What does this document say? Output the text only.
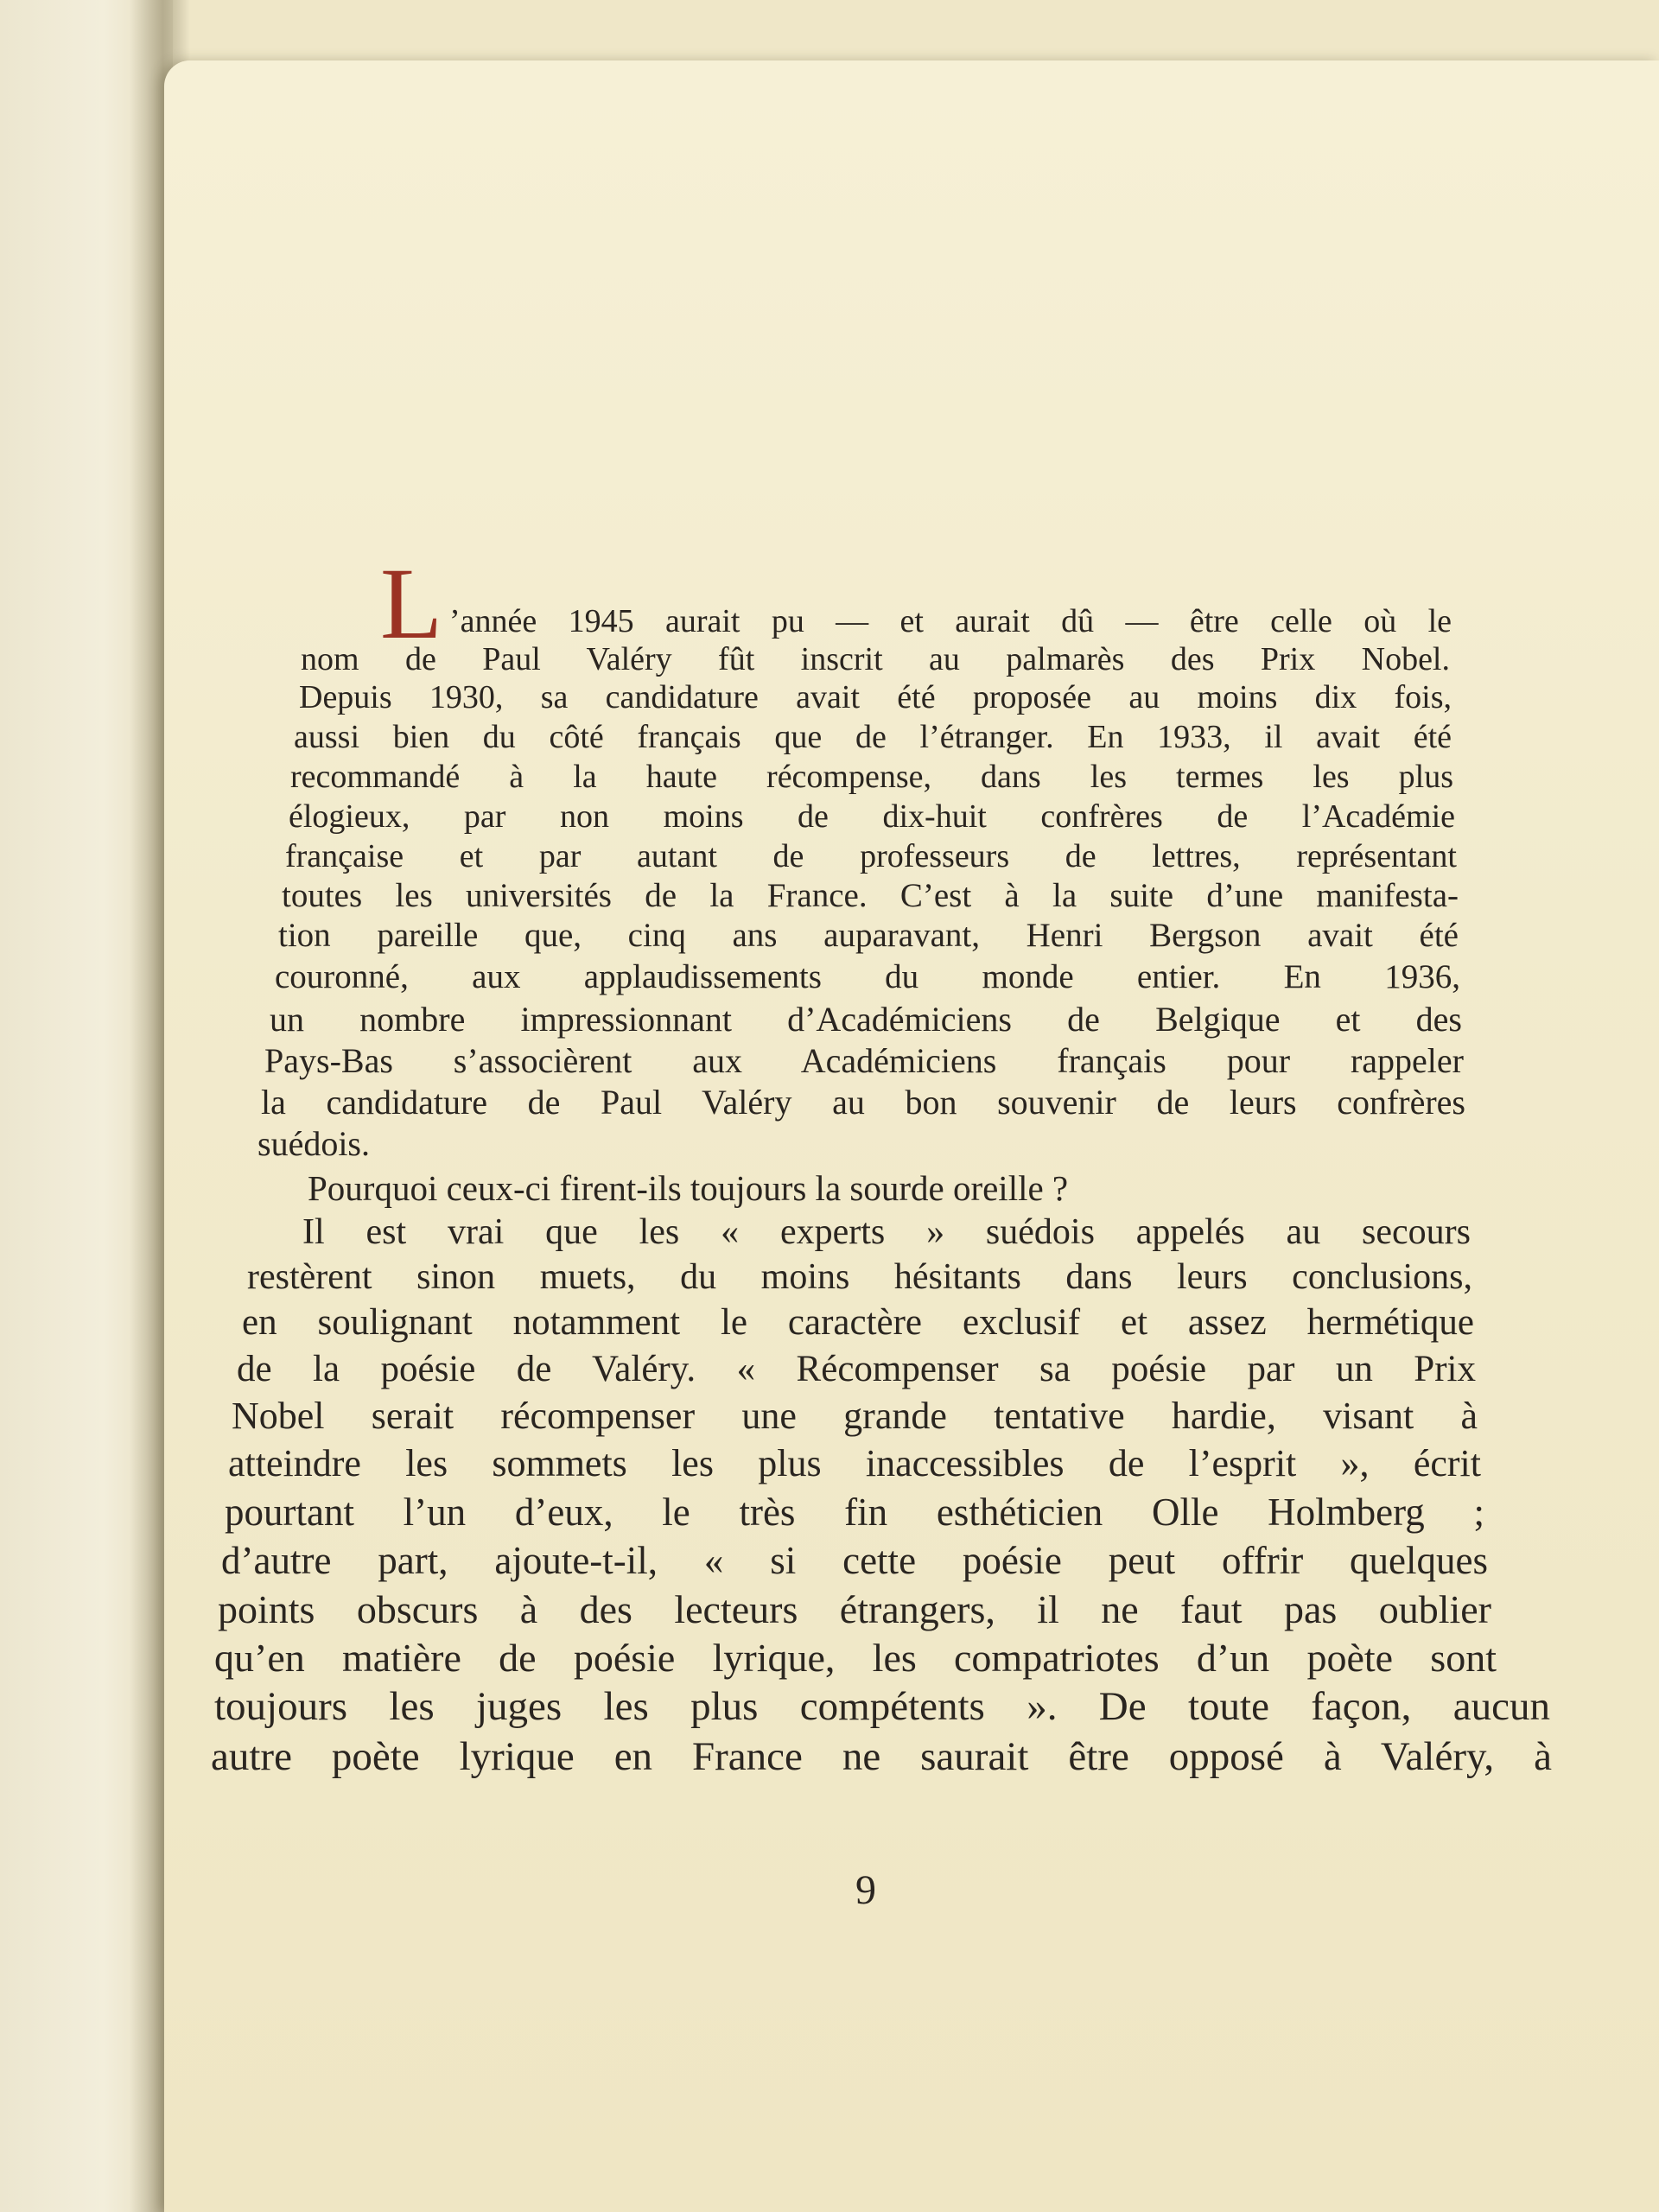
L ’année 1945 aurait pu — et aurait dû — être celle où le
nom de Paul Valéry fût inscrit au palmarès des Prix Nobel.
Depuis 1930, sa candidature avait été proposée au moins dix fois,
aussi bien du côté français que de l’étranger. En 1933, il avait été
recommandé à la haute récompense, dans les termes les plus
élogieux, par non moins de dix-huit confrères de l’Académie
française et par autant de professeurs de lettres, représentant
toutes les universités de la France. C’est à la suite d’une manifesta-
tion pareille que, cinq ans auparavant, Henri Bergson avait été
couronné, aux applaudissements du monde entier. En 1936,
un nombre impressionnant d’Académiciens de Belgique et des
Pays-Bas s’associèrent aux Académiciens français pour rappeler
la candidature de Paul Valéry au bon souvenir de leurs confrères
suédois.
Pourquoi ceux-ci firent-ils toujours la sourde oreille ?
Il est vrai que les « experts » suédois appelés au secours
restèrent sinon muets, du moins hésitants dans leurs conclusions,
en soulignant notamment le caractère exclusif et assez hermétique
de la poésie de Valéry. « Récompenser sa poésie par un Prix
Nobel serait récompenser une grande tentative hardie, visant à
atteindre les sommets les plus inaccessibles de l’esprit », écrit
pourtant l’un d’eux, le très fin esthéticien Olle Holmberg ;
d’autre part, ajoute-t-il, « si cette poésie peut offrir quelques
points obscurs à des lecteurs étrangers, il ne faut pas oublier
qu’en matière de poésie lyrique, les compatriotes d’un poète sont
toujours les juges les plus compétents ». De toute façon, aucun
autre poète lyrique en France ne saurait être opposé à Valéry, à
9
